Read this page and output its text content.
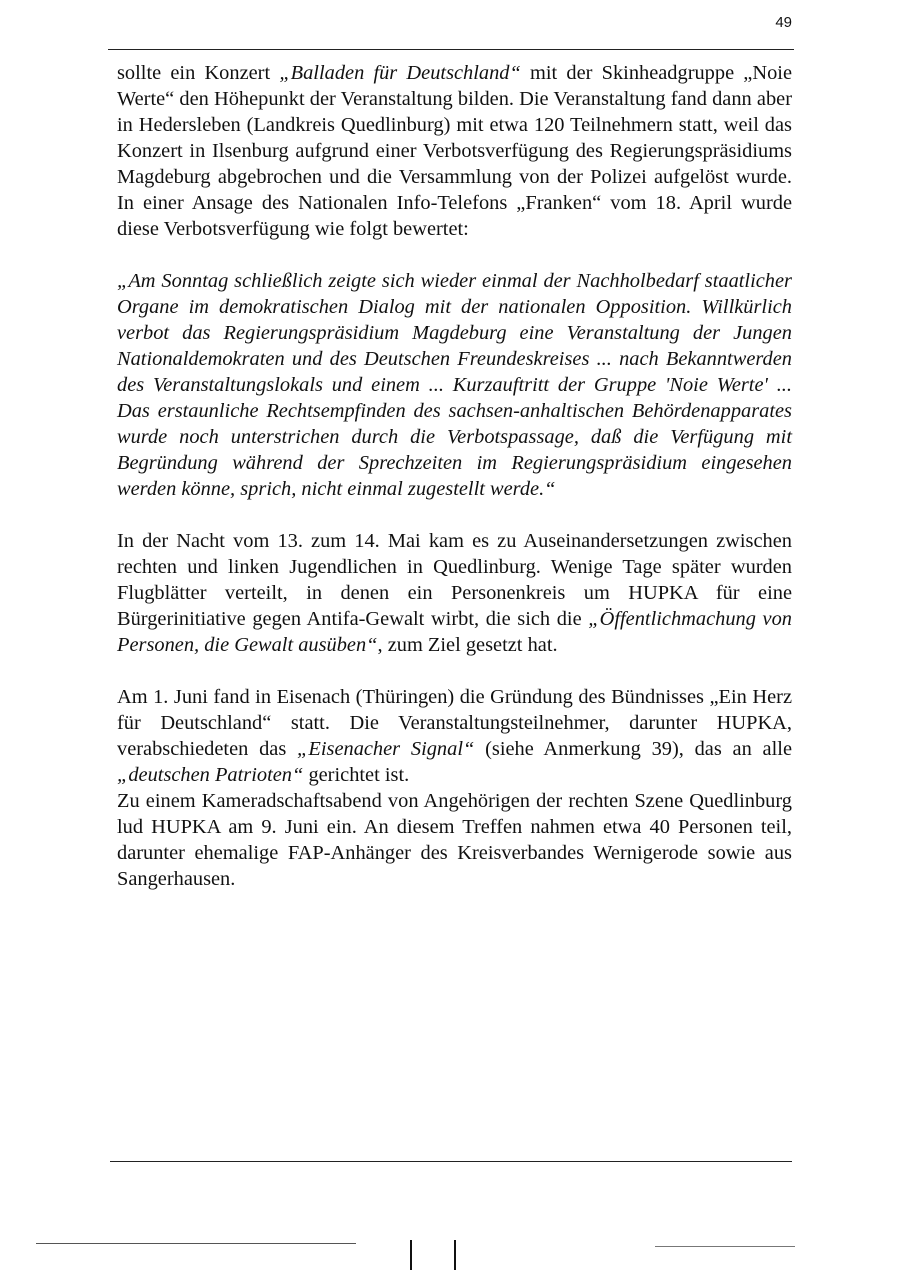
49

sollte ein Konzert „Balladen für Deutschland“ mit der Skinheadgruppe „Noie Werte“ den Höhepunkt der Veranstaltung bilden. Die Veranstaltung fand dann aber in Hedersleben (Landkreis Quedlinburg) mit etwa 120 Teilnehmern statt, weil das Konzert in Ilsenburg aufgrund einer Verbotsverfügung des Regierungspräsidiums Magdeburg abgebrochen und die Versammlung von der Polizei aufgelöst wurde. In einer Ansage des Nationalen Info-Telefons „Franken“ vom 18. April wurde diese Verbotsverfügung wie folgt bewertet:

„Am Sonntag schließlich zeigte sich wieder einmal der Nachholbedarf staatlicher Organe im demokratischen Dialog mit der nationalen Opposition. Willkürlich verbot das Regierungspräsidium Magdeburg eine Veranstaltung der Jungen Nationaldemokraten und des Deutschen Freundeskreises ... nach Bekanntwerden des Veranstaltungslokals und einem ... Kurzauftritt der Gruppe 'Noie Werte' ... Das erstaunliche Rechtsempfinden des sachsen-anhaltischen Behördenapparates wurde noch unterstrichen durch die Verbotspassage, daß die Verfügung mit Begründung während der Sprechzeiten im Regierungspräsidium eingesehen werden könne, sprich, nicht einmal zugestellt werde.“

In der Nacht vom 13. zum 14. Mai kam es zu Auseinandersetzungen zwischen rechten und linken Jugendlichen in Quedlinburg. Wenige Tage später wurden Flugblätter verteilt, in denen ein Personenkreis um HUPKA für eine Bürgerinitiative gegen Antifa-Gewalt wirbt, die sich die „Öffentlichmachung von Personen, die Gewalt ausüben“, zum Ziel gesetzt hat.

Am 1. Juni fand in Eisenach (Thüringen) die Gründung des Bündnisses „Ein Herz für Deutschland“ statt. Die Veranstaltungsteilnehmer, darunter HUPKA, verabschiedeten das „Eisenacher Signal“ (siehe Anmerkung 39), das an alle „deutschen Patrioten“ gerichtet ist.

Zu einem Kameradschaftsabend von Angehörigen der rechten Szene Quedlinburg lud HUPKA am 9. Juni ein. An diesem Treffen nahmen etwa 40 Personen teil, darunter ehemalige FAP-Anhänger des Kreisverbandes Wernigerode sowie aus Sangerhausen.
